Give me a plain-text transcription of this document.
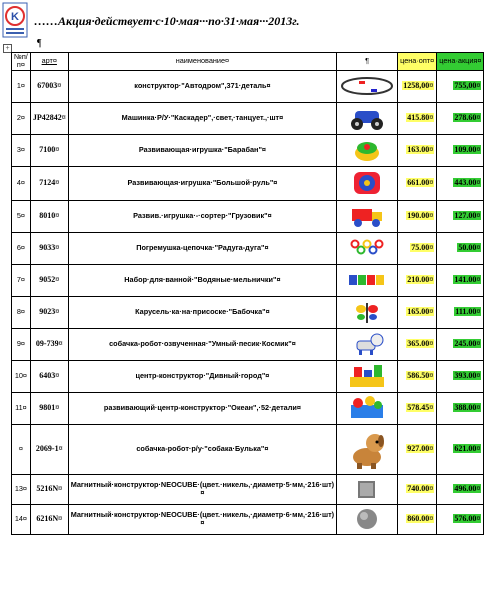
K ……Акция·действует·с·10·мая···по·31·мая···2013г.
+	¶
№п/п¤	арт¤	наименование¤	¶	цена·опт¤	цена·акция¤
1¤	67003¤	конструктор·"Автодром",371·деталь¤		1258,00¤	755,00¤
2¤	JP42842¤	Машинка·Р/У·"Каскадер",·свет,·танцует.,·шт¤		415.80¤	278.60¤
3¤	7100¤	Развивающая·игрушка·"Барабан"¤		163.00¤	109.00¤
4¤	7124¤	Развивающая·игрушка·"Большой·руль"¤		661.00¤	443.00¤
5¤	8010¤	Развив.·игрушка·-·сортер·"Грузовик"¤		190.00¤	127.00¤
6¤	9033¤	Погремушка-цепочка·"Радуга-дуга"¤		75.00¤	50.00¤
7¤	9052¤	Набор·для·ванной·"Водяные·мельнички"¤		210.00¤	141.00¤
8¤	9023¤	Карусель·ка·на·присоске·"Бабочка"¤		165.00¤	111.00¤
9¤	09-739¤	собачка-робот·озвученная·"Умный·песик·Космик"¤		365.00¤	245.00¤
10¤	6403¤	центр-конструктор·"Дивный·город"¤		586.50¤	393.00¤
11¤	9801¤	развивающий·центр-конструктор·"Океан",·52·детали¤		578.45¤	388.00¤
¤	2069-1¤	собачка-робот·р/у·"собака·Булька"¤		927.00¤	621.00¤
13¤	5216N¤	Магнитный·конструктор·NEOCUBE·(цвет.·никель,·диаметр·5·мм,·216·шт)¤		740.00¤	496.00¤
14¤	6216N¤	Магнитный·конструктор·NEOCUBE·(цвет.·никель,·диаметр·6·мм,·216·шт)¤		860.00¤	576.00¤
